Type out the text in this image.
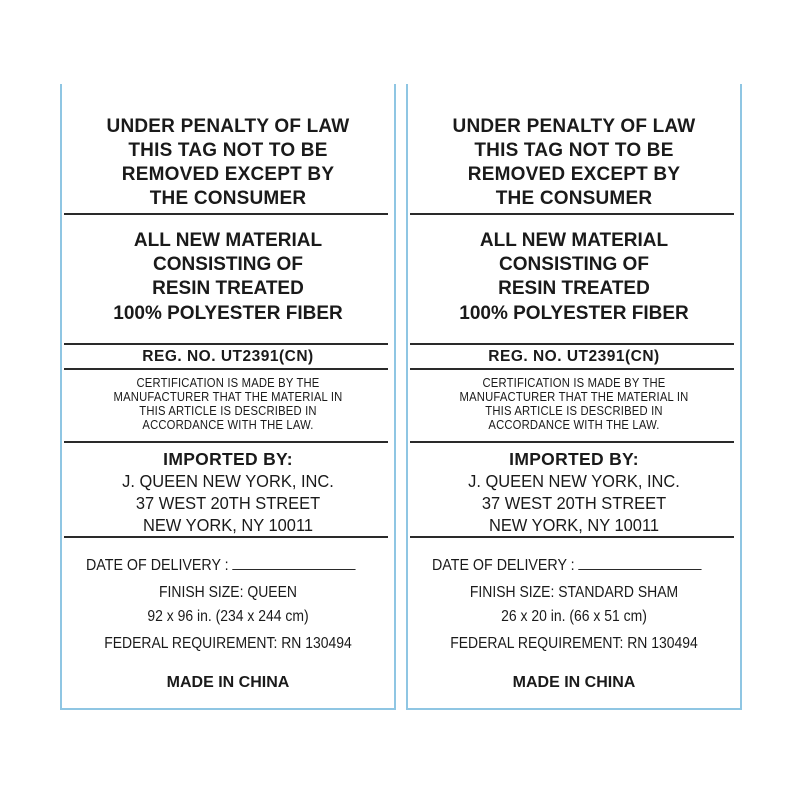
UNDER PENALTY OF LAW
THIS TAG NOT TO BE
REMOVED EXCEPT BY
THE CONSUMER
ALL NEW MATERIAL
CONSISTING OF
RESIN TREATED
100% POLYESTER FIBER
REG. NO. UT2391(CN)
CERTIFICATION IS MADE BY THE
MANUFACTURER THAT THE MATERIAL IN
THIS ARTICLE IS DESCRIBED IN
ACCORDANCE WITH THE LAW.
IMPORTED BY:
J. QUEEN NEW YORK, INC.
37 WEST 20TH STREET
NEW YORK, NY 10011
DATE OF DELIVERY :
FINISH SIZE: QUEEN
92 x 96 in. (234 x 244 cm)
FEDERAL REQUIREMENT: RN 130494
MADE IN CHINA
UNDER PENALTY OF LAW
THIS TAG NOT TO BE
REMOVED EXCEPT BY
THE CONSUMER
ALL NEW MATERIAL
CONSISTING OF
RESIN TREATED
100% POLYESTER FIBER
REG. NO. UT2391(CN)
CERTIFICATION IS MADE BY THE
MANUFACTURER THAT THE MATERIAL IN
THIS ARTICLE IS DESCRIBED IN
ACCORDANCE WITH THE LAW.
IMPORTED BY:
J. QUEEN NEW YORK, INC.
37 WEST 20TH STREET
NEW YORK, NY 10011
DATE OF DELIVERY :
FINISH SIZE: STANDARD SHAM
26 x 20 in. (66 x 51 cm)
FEDERAL REQUIREMENT: RN 130494
MADE IN CHINA
